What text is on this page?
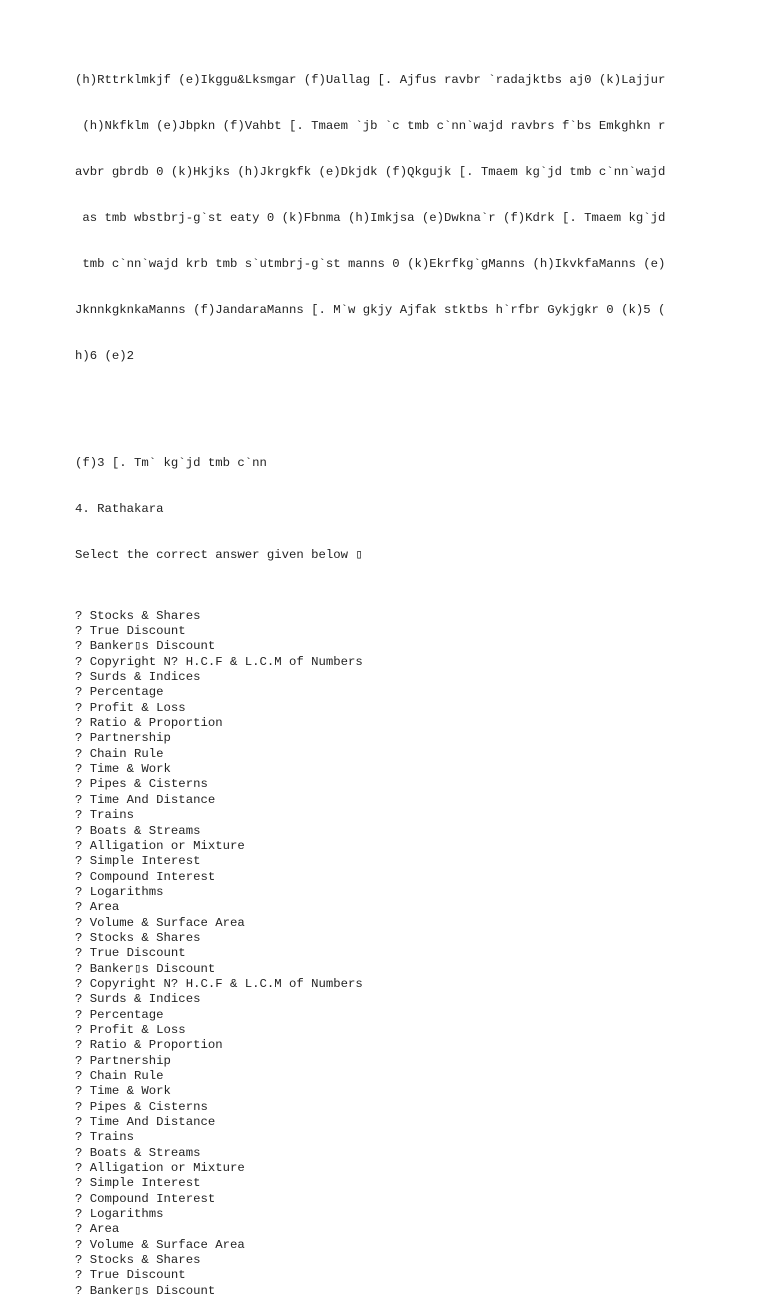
(h)Rttrklmkjf (e)Ikggu&Lksmgar (f)Uallag [. Ajfus ravbr `radajktbs aj0 (k)Lajjur

(h)Nkfklm (e)Jbpkn (f)Vahbt [. Tmaem `jb `c tmb c`nn`wajd ravbrs f`bs Emkghkn r

avbr gbrdb 0 (k)Hkjks (h)Jkrgkfk (e)Dkjdk (f)Qkgujk [. Tmaem kg`jd tmb c`nn`wajd

as tmb wbstbrj-g`st eaty 0 (k)Fbnma (h)Imkjsa (e)Dwkna`r (f)Kdrk [. Tmaem kg`jd

tmb c`nn`wajd krb tmb s`utmbrj-g`st manns 0 (k)Ekrfkg`gManns (h)IkvkfaManns (e)

JknnkgknkaManns (f)JandaraManns [. M`w gkjy Ajfak stktbs h`rfbr Gykjgkr 0 (k)5 (

h)6 (e)2

(f)3 [. Tm` kg`jd tmb c`nn

4. Rathakara

Select the correct answer given below ▯

? Stocks & Shares
? True Discount
? Banker▯s Discount
? Copyright N? H.C.F & L.C.M of Numbers
? Surds & Indices
? Percentage
? Profit & Loss
? Ratio & Proportion
? Partnership
? Chain Rule
? Time & Work
? Pipes & Cisterns
? Time And Distance
? Trains
? Boats & Streams
? Alligation or Mixture
? Simple Interest
? Compound Interest
? Logarithms
? Area
? Volume & Surface Area
? Stocks & Shares
? True Discount
? Banker▯s Discount
? Copyright N? H.C.F & L.C.M of Numbers
? Surds & Indices
? Percentage
? Profit & Loss
? Ratio & Proportion
? Partnership
? Chain Rule
? Time & Work
? Pipes & Cisterns
? Time And Distance
? Trains
? Boats & Streams
? Alligation or Mixture
? Simple Interest
? Compound Interest
? Logarithms
? Area
? Volume & Surface Area
? Stocks & Shares
? True Discount
? Banker▯s Discount
